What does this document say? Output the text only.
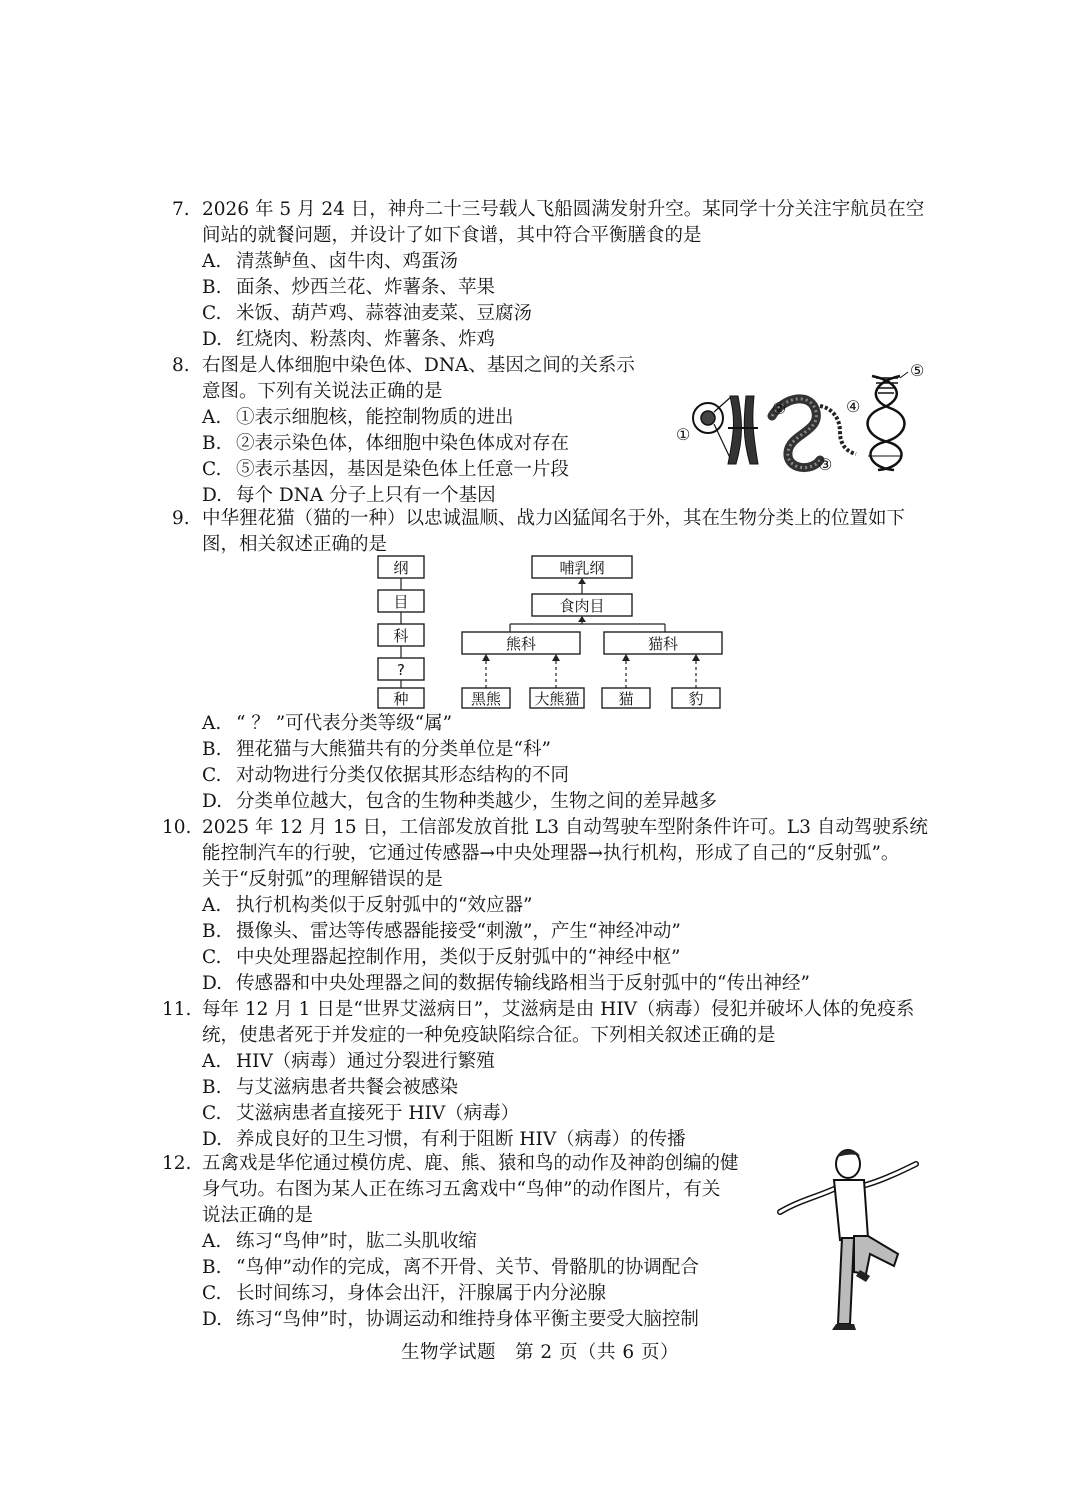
7. 2026 年 5 月 24 日，神舟二十三号载人飞船圆满发射升空。某同学十分关注宇航员在空
间站的就餐问题，并设计了如下食谱，其中符合平衡膳食的是
A. 清蒸鲈鱼、卤牛肉、鸡蛋汤
B. 面条、炒西兰花、炸薯条、苹果
C. 米饭、葫芦鸡、蒜蓉油麦菜、豆腐汤
D. 红烧肉、粉蒸肉、炸薯条、炸鸡
8. 右图是人体细胞中染色体、DNA、基因之间的关系示
意图。下列有关说法正确的是
A. ①表示细胞核，能控制物质的进出
B. ②表示染色体，体细胞中染色体成对存在
C. ⑤表示基因，基因是染色体上任意一片段
D. 每个 DNA 分子上只有一个基因
①
②
③
④
⑤
9. 中华狸花猫（猫的一种）以忠诚温顺、战力凶猛闻名于外，其在生物分类上的位置如下
图，相关叙述正确的是
纲
目
科
?
种
哺乳纲
食肉目
熊科	猫科
黑熊 大熊猫	猫	豹
A. “ ？ ”可代表分类等级“属”
B. 狸花猫与大熊猫共有的分类单位是“科”
C. 对动物进行分类仅依据其形态结构的不同
D. 分类单位越大，包含的生物种类越少，生物之间的差异越多
10. 2025 年 12 月 15 日，工信部发放首批 L3 自动驾驶车型附条件许可。L3 自动驾驶系统
能控制汽车的行驶，它通过传感器→中央处理器→执行机构，形成了自己的“反射弧”。
关于“反射弧”的理解错误的是
A. 执行机构类似于反射弧中的“效应器”
B. 摄像头、雷达等传感器能接受“刺激”，产生“神经冲动”
C. 中央处理器起控制作用，类似于反射弧中的“神经中枢”
D. 传感器和中央处理器之间的数据传输线路相当于反射弧中的“传出神经”
11. 每年 12 月 1 日是“世界艾滋病日”，艾滋病是由 HIV（病毒）侵犯并破坏人体的免疫系
统，使患者死于并发症的一种免疫缺陷综合征。下列相关叙述正确的是
A. HIV（病毒）通过分裂进行繁殖
B. 与艾滋病患者共餐会被感染
C. 艾滋病患者直接死于 HIV（病毒）
D. 养成良好的卫生习惯，有利于阻断 HIV（病毒）的传播
12. 五禽戏是华佗通过模仿虎、鹿、熊、猿和鸟的动作及神韵创编的健
身气功。右图为某人正在练习五禽戏中“鸟伸”的动作图片，有关
说法正确的是
A. 练习“鸟伸”时，肱二头肌收缩
B. “鸟伸”动作的完成，离不开骨、关节、骨骼肌的协调配合
C. 长时间练习，身体会出汗，汗腺属于内分泌腺
D. 练习“鸟伸”时，协调运动和维持身体平衡主要受大脑控制
生物学试题　第 2 页（共 6 页）
